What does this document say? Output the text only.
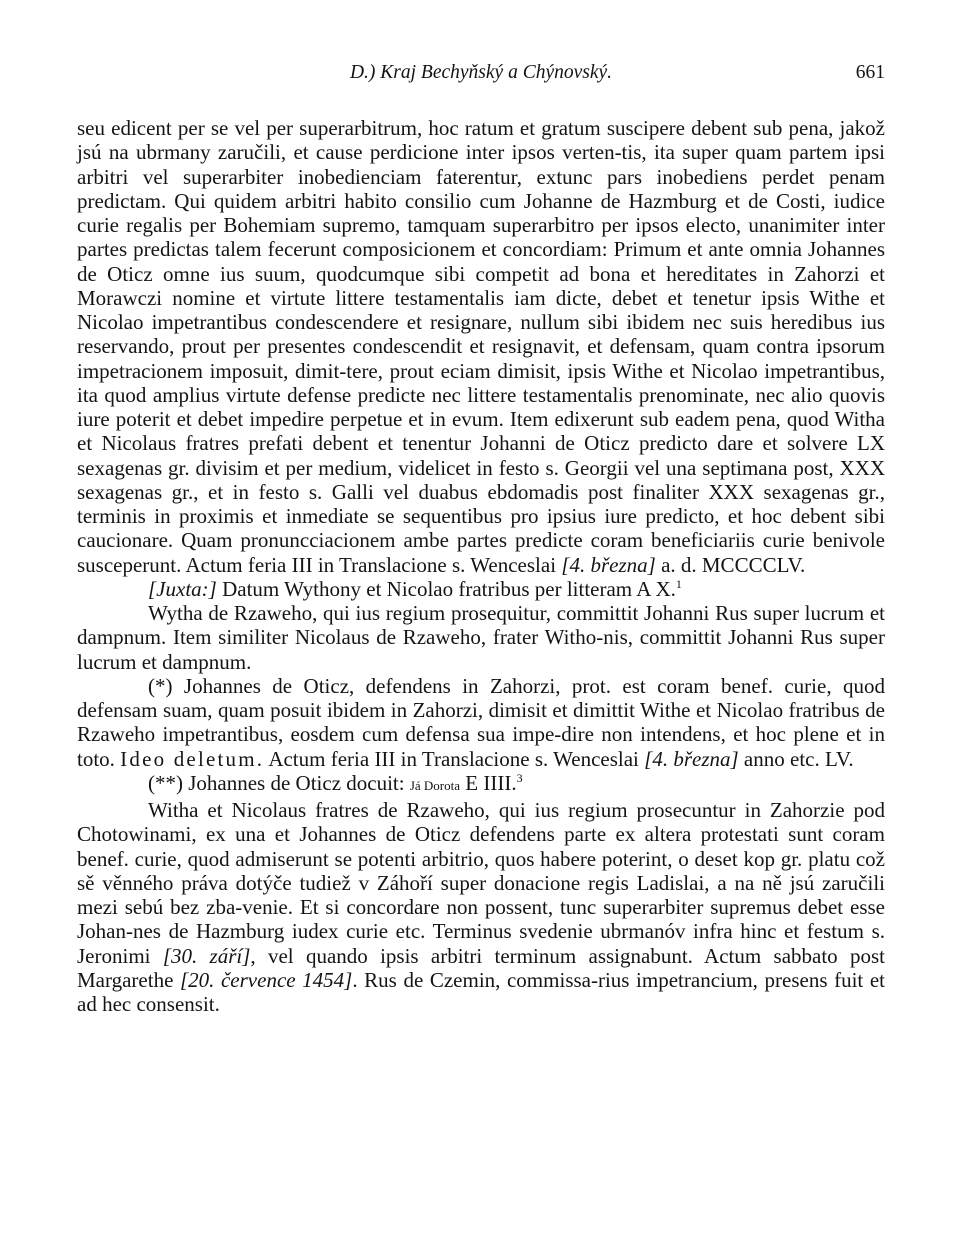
D.) Kraj Bechyňský a Chýnovský.	661

seu edicent per se vel per superarbitrum, hoc ratum et gratum suscipere debent sub pena, jakož jsú na ubrmany zaručili, et cause perdicione inter ipsos verten-tis, ita super quam partem ipsi arbitri vel superarbiter inobedienciam faterentur, extunc pars inobediens perdet penam predictam. Qui quidem arbitri habito consilio cum Johanne de Hazmburg et de Costi, iudice curie regalis per Bohemiam supremo, tamquam superarbitro per ipsos electo, unanimiter inter partes predictas talem fecerunt composicionem et concordiam: Primum et ante omnia Johannes de Oticz omne ius suum, quodcumque sibi competit ad bona et hereditates in Zahorzi et Morawczi nomine et virtute littere testamentalis iam dicte, debet et tenetur ipsis Withe et Nicolao impetrantibus condescendere et resignare, nullum sibi ibidem nec suis heredibus ius reservando, prout per presentes condescendit et resignavit, et defensam, quam contra ipsorum impetracionem imposuit, dimit-tere, prout eciam dimisit, ipsis Withe et Nicolao impetrantibus, ita quod amplius virtute defense predicte nec littere testamentalis prenominate, nec alio quovis iure poterit et debet impedire perpetue et in evum. Item edixerunt sub eadem pena, quod Witha et Nicolaus fratres prefati debent et tenentur Johanni de Oticz predicto dare et solvere LX sexagenas gr. divisim et per medium, videlicet in festo s. Georgii vel una septimana post, XXX sexagenas gr., et in festo s. Galli vel duabus ebdomadis post finaliter XXX sexagenas gr., terminis in proximis et inmediate se sequentibus pro ipsius iure predicto, et hoc debent sibi caucionare. Quam pronuncciacionem ambe partes predicte coram beneficiariis curie benivole susceperunt. Actum feria III in Translacione s. Wenceslai [4. března] a. d. MCCCCLV.

[Juxta:] Datum Wythony et Nicolao fratribus per litteram A X.$^1$

Wytha de Rzaweho, qui ius regium prosequitur, committit Johanni Rus super lucrum et dampnum. Item similiter Nicolaus de Rzaweho, frater Witho-nis, committit Johanni Rus super lucrum et dampnum.

(*) Johannes de Oticz, defendens in Zahorzi, prot. est coram benef. curie, quod defensam suam, quam posuit ibidem in Zahorzi, dimisit et dimittit Withe et Nicolao fratribus de Rzaweho impetrantibus, eosdem cum defensa sua impe-dire non intendens, et hoc plene et in toto. Ideo deletum. Actum feria III in Translacione s. Wenceslai [4. března] anno etc. LV.

(**) Johannes de Oticz docuit: Já Dorota E IIII.$^3$

Witha et Nicolaus fratres de Rzaweho, qui ius regium prosecuntur in Zahorzie pod Chotowinami, ex una et Johannes de Oticz defendens parte ex altera protestati sunt coram benef. curie, quod admiserunt se potenti arbitrio, quos habere poterint, o deset kop gr. platu což sě věnného práva dotýče tudiež v Záhoří super donacione regis Ladislai, a na ně jsú zaručili mezi sebú bez zba-venie. Et si concordare non possent, tunc superarbiter supremus debet esse Johan-nes de Hazmburg iudex curie etc. Terminus svedenie ubrmanóv infra hinc et festum s. Jeronimi [30. září], vel quando ipsis arbitri terminum assignabunt. Actum sabbato post Margarethe [20. července 1454]. Rus de Czemin, commissa-rius impetrancium, presens fuit et ad hec consensit.
